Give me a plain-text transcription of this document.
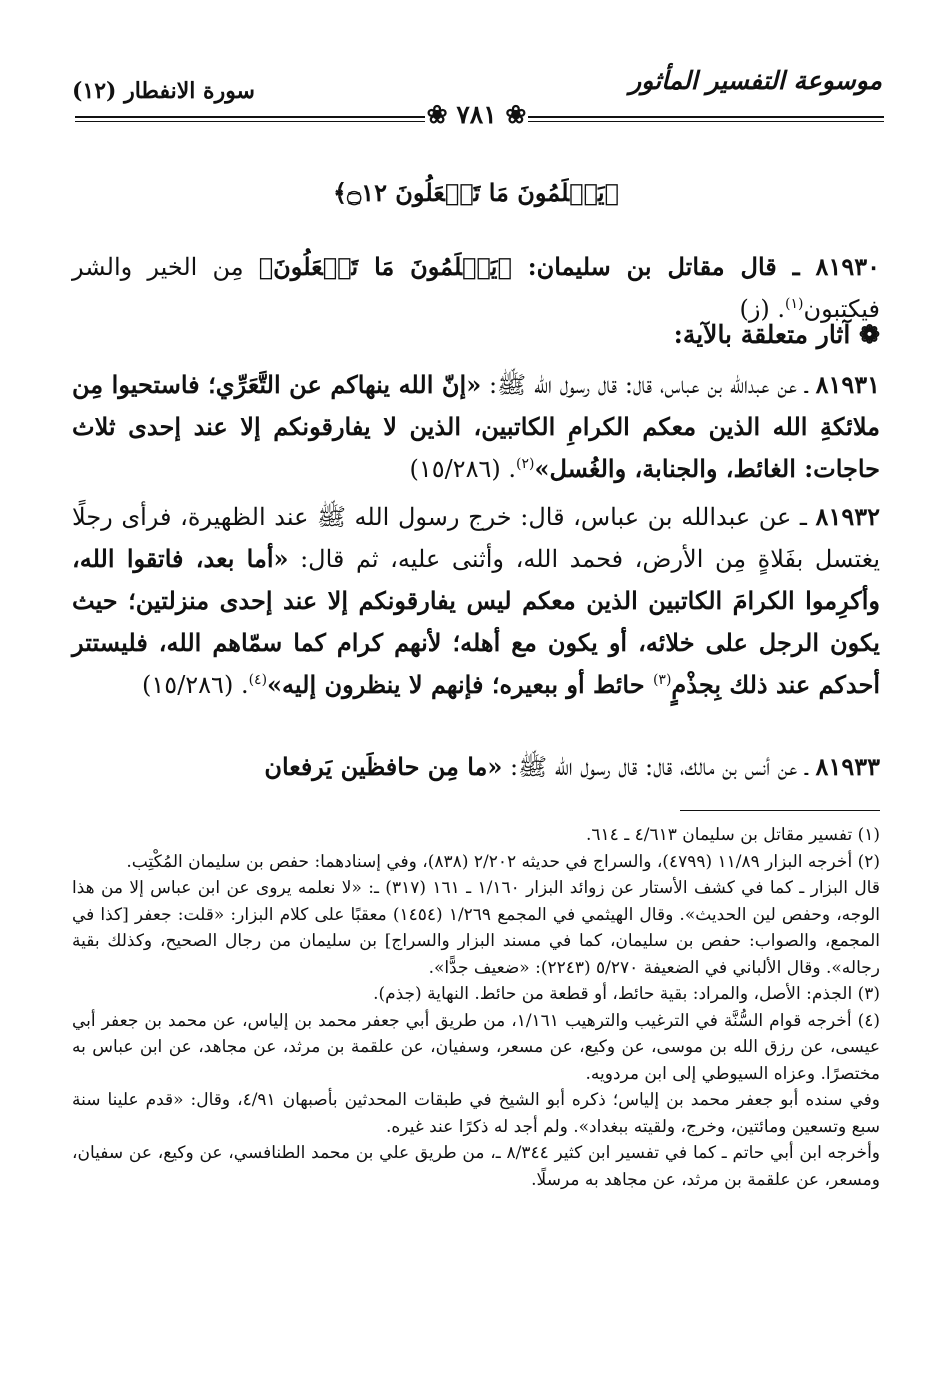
موسوعة التفسير المأثور
سورة الانفطار (١٢)
❀ ٧٨١ ❀
﴿يَعۡلَمُونَ مَا تَفۡعَلُونَ ۝١٢﴾
٨١٩٣٠ ـ قال مقاتل بن سليمان: ﴿يَعۡلَمُونَ مَا تَفۡعَلُونَ﴾ مِن الخير والشر فيكتبون$^{(١)}$. (ز)
❁ آثار متعلقة بالآية:
٨١٩٣١ ـ عن عبدالله بن عباس، قال: قال رسول الله ﷺ: «إنّ الله ينهاكم عن التَّعَرِّي؛ فاستحيوا مِن ملائكةِ الله الذين معكم الكرامِ الكاتبين، الذين لا يفارقونكم إلا عند إحدى ثلاث حاجات: الغائط، والجنابة، والغُسل»$^{(٢)}$. (١٥/٢٨٦)
٨١٩٣٢ ـ عن عبدالله بن عباس، قال: خرج رسول الله ﷺ عند الظهيرة، فرأى رجلًا يغتسل بفَلاةٍ مِن الأرض، فحمد الله، وأثنى عليه، ثم قال: «أما بعد، فاتقوا الله، وأكرِموا الكرامَ الكاتبين الذين معكم ليس يفارقونكم إلا عند إحدى منزلتين؛ حيث يكون الرجل على خلائه، أو يكون مع أهله؛ لأنهم كرام كما سمّاهم الله، فليستتر أحدكم عند ذلك بِجذْمٍ$^{(٣)}$ حائط أو ببعيره؛ فإنهم لا ينظرون إليه»$^{(٤)}$. (١٥/٢٨٦)
٨١٩٣٣ ـ عن أنس بن مالك، قال: قال رسول الله ﷺ: «ما مِن حافظَين يَرفعان

(١) تفسير مقاتل بن سليمان ٤/٦١٣ ـ ٦١٤.

(٢) أخرجه البزار ١١/٨٩ (٤٧٩٩)، والسراج في حديثه ٢/٢٠٢ (٨٣٨)، وفي إسنادهما: حفص بن سليمان المُكْتِب.

قال البزار ـ كما في كشف الأستار عن زوائد البزار ١/١٦٠ ـ ١٦١ (٣١٧) ـ: «لا نعلمه يروى عن ابن عباس إلا من هذا الوجه، وحفص لين الحديث». وقال الهيثمي في المجمع ١/٢٦٩ (١٤٥٤) معقبًا على كلام البزار: «قلت: جعفر [كذا في المجمع، والصواب: حفص بن سليمان، كما في مسند البزار والسراج] بن سليمان من رجال الصحيح، وكذلك بقية رجاله». وقال الألباني في الضعيفة ٥/٢٧٠ (٢٢٤٣): «ضعيف جدًّا».

(٣) الجذم: الأصل، والمراد: بقية حائط، أو قطعة من حائط. النهاية (جذم).

(٤) أخرجه قوام السُّنَّة في الترغيب والترهيب ١/١٦١، من طريق أبي جعفر محمد بن إلياس، عن محمد بن جعفر أبي عيسى، عن رزق الله بن موسى، عن وكيع، عن مسعر، وسفيان، عن علقمة بن مرثد، عن مجاهد، عن ابن عباس به مختصرًا. وعزاه السيوطي إلى ابن مردويه.

وفي سنده أبو جعفر محمد بن إلياس؛ ذكره أبو الشيخ في طبقات المحدثين بأصبهان ٤/٩١، وقال: «قدم علينا سنة سبع وتسعين ومائتين، وخرج، ولقيته ببغداد». ولم أجد له ذكرًا عند غيره.

وأخرجه ابن أبي حاتم ـ كما في تفسير ابن كثير ٨/٣٤٤ ـ، من طريق علي بن محمد الطنافسي، عن وكيع، عن سفيان، ومسعر، عن علقمة بن مرثد، عن مجاهد به مرسلًا.
